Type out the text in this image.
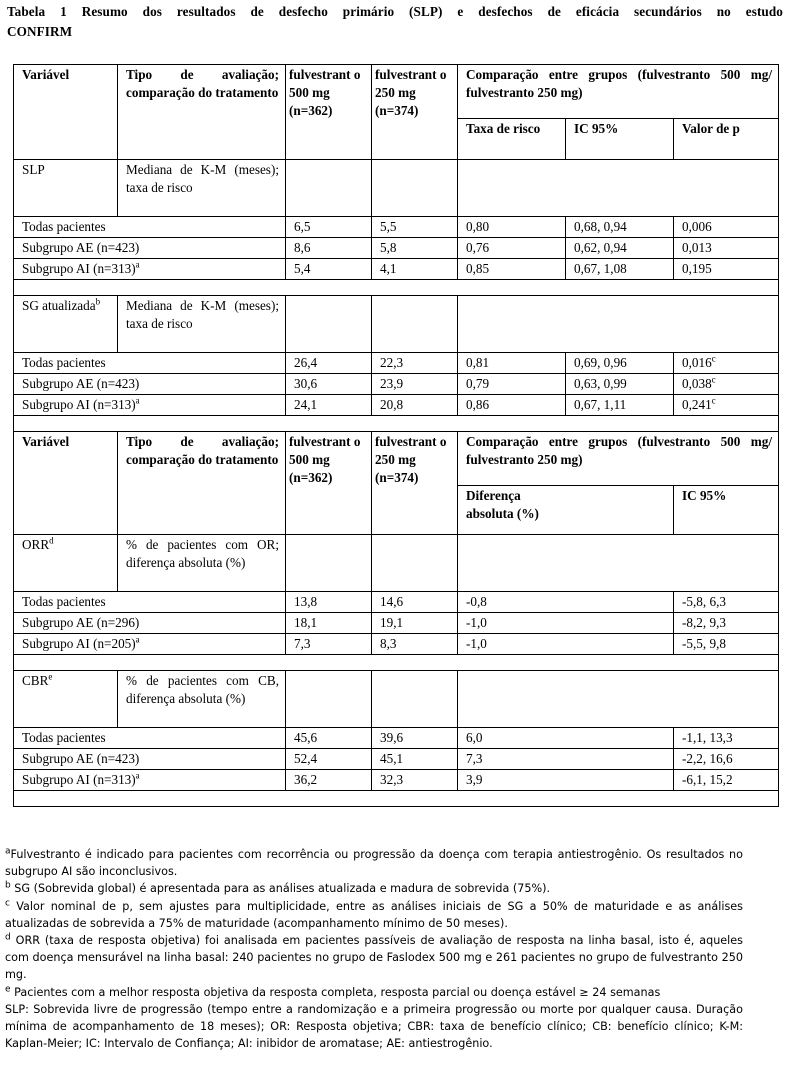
Tabela 1 Resumo dos resultados de desfecho primário (SLP) e desfechos de eficácia secundários no estudo
CONFIRM
Variável	Tipo de avaliação; comparação do tratamento	fulvestrant o 500 mg (n=362)	fulvestrant o 250 mg (n=374)	Comparação entre grupos (fulvestranto 500 mg/ fulvestranto 250 mg)		
				Taxa de risco	IC 95%	Valor de p
SLP	Mediana de K-M (meses); taxa de risco					
Todas pacientes		6,5	5,5	0,80	0,68, 0,94	0,006
Subgrupo AE (n=423)		8,6	5,8	0,76	0,62, 0,94	0,013
Subgrupo AI (n=313)$^a$		5,4	4,1	0,85	0,67, 1,08	0,195

SG atualizada$^b$	Mediana de K-M (meses); taxa de risco					
Todas pacientes		26,4	22,3	0,81	0,69, 0,96	0,016$^c$
Subgrupo AE (n=423)		30,6	23,9	0,79	0,63, 0,99	0,038$^c$
Subgrupo AI (n=313)$^a$		24,1	20,8	0,86	0,67, 1,11	0,241$^c$

Variável	Tipo de avaliação; comparação do tratamento	fulvestrant o 500 mg (n=362)	fulvestrant o 250 mg (n=374)	Comparação entre grupos (fulvestranto 500 mg/ fulvestranto 250 mg)		
				Diferença absoluta (%)		IC 95%
ORR$^d$	% de pacientes com OR; diferença absoluta (%)					
Todas pacientes		13,8	14,6	-0,8		-5,8, 6,3
Subgrupo AE (n=296)		18,1	19,1	-1,0		-8,2, 9,3
Subgrupo AI (n=205)$^a$		7,3	8,3	-1,0		-5,5, 9,8

CBR$^e$	% de pacientes com CB, diferença absoluta (%)					
Todas pacientes		45,6	39,6	6,0		-1,1, 13,3
Subgrupo AE (n=423)		52,4	45,1	7,3		-2,2, 16,6
Subgrupo AI (n=313)$^a$		36,2	32,3	3,9		-6,1, 15,2

$^a$Fulvestranto é indicado para pacientes com recorrência ou progressão da doença com terapia antiestrogênio. Os resultados no subgrupo AI são inconclusivos.

$^b$ SG (Sobrevida global) é apresentada para as análises atualizada e madura de sobrevida (75%).

$^c$ Valor nominal de p, sem ajustes para multiplicidade, entre as análises iniciais de SG a 50% de maturidade e as análises atualizadas de sobrevida a 75% de maturidade (acompanhamento mínimo de 50 meses).

$^d$ ORR (taxa de resposta objetiva) foi analisada em pacientes passíveis de avaliação de resposta na linha basal, isto é, aqueles com doença mensurável na linha basal: 240 pacientes no grupo de Faslodex 500 mg e 261 pacientes no grupo de fulvestranto 250 mg.

$^e$ Pacientes com a melhor resposta objetiva da resposta completa, resposta parcial ou doença estável ≥ 24 semanas

SLP: Sobrevida livre de progressão (tempo entre a randomização e a primeira progressão ou morte por qualquer causa. Duração mínima de acompanhamento de 18 meses); OR: Resposta objetiva; CBR: taxa de benefício clínico; CB: benefício clínico; K-M: Kaplan-Meier; IC: Intervalo de Confiança; AI: inibidor de aromatase; AE: antiestrogênio.
